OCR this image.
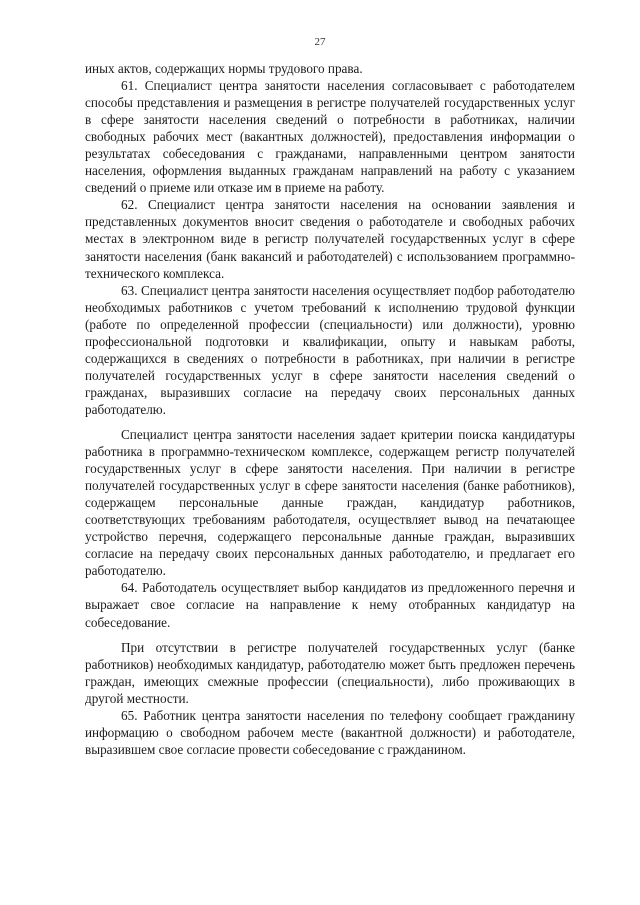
27

иных актов, содержащих нормы трудового права.

61. Специалист центра занятости населения согласовывает с работодателем способы представления и размещения в регистре получателей государственных услуг в сфере занятости населения сведений о потребности в работниках, наличии свободных рабочих мест (вакантных должностей), предоставления информации о результатах собеседования с гражданами, направленными центром занятости населения, оформления выданных гражданам направлений на работу с указанием сведений о приеме или отказе им в приеме на работу.

62. Специалист центра занятости населения на основании заявления и представленных документов вносит сведения о работодателе и свободных рабочих местах в электронном виде в регистр получателей государственных услуг в сфере занятости населения (банк вакансий и работодателей) с использованием программно-технического комплекса.

63. Специалист центра занятости населения осуществляет подбор работодателю необходимых работников с учетом требований к исполнению трудовой функции (работе по определенной профессии (специальности) или должности), уровню профессиональной подготовки и квалификации, опыту и навыкам работы, содержащихся в сведениях о потребности в работниках, при наличии в регистре получателей государственных услуг в сфере занятости населения сведений о гражданах, выразивших согласие на передачу своих персональных данных работодателю.

Специалист центра занятости населения задает критерии поиска кандидатуры работника в программно-техническом комплексе, содержащем регистр получателей государственных услуг в сфере занятости населения. При наличии в регистре получателей государственных услуг в сфере занятости населения (банке работников), содержащем персональные данные граждан, кандидатур работников, соответствующих требованиям работодателя, осуществляет вывод на печатающее устройство перечня, содержащего персональные данные граждан, выразивших согласие на передачу своих персональных данных работодателю, и предлагает его работодателю.

64. Работодатель осуществляет выбор кандидатов из предложенного перечня и выражает свое согласие на направление к нему отобранных кандидатур на собеседование.

При отсутствии в регистре получателей государственных услуг (банке работников) необходимых кандидатур, работодателю может быть предложен перечень граждан, имеющих смежные профессии (специальности), либо проживающих в другой местности.

65. Работник центра занятости населения по телефону сообщает гражданину информацию о свободном рабочем месте (вакантной должности) и работодателе, выразившем свое согласие провести собеседование с гражданином.
